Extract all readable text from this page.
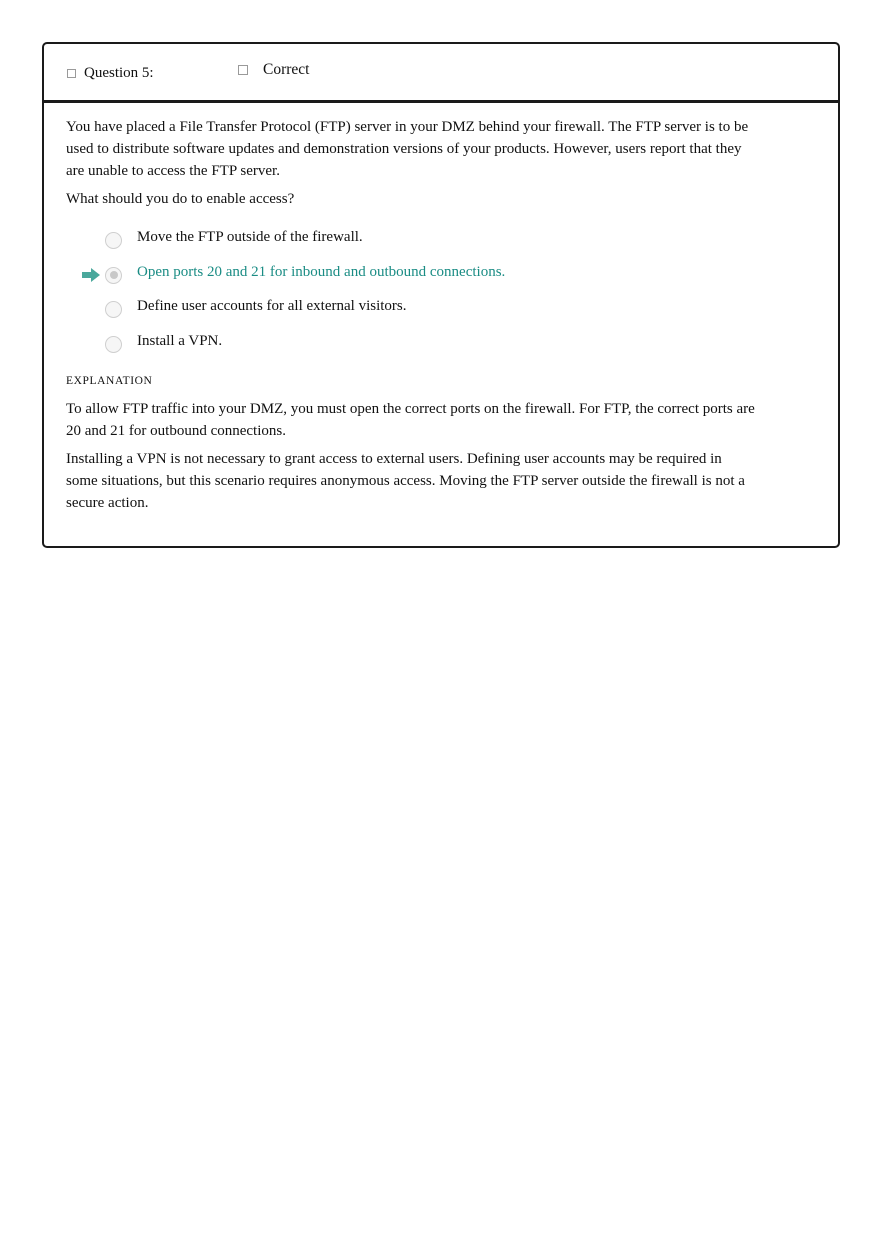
Question 5:	Correct

You have placed a File Transfer Protocol (FTP) server in your DMZ behind your firewall. The FTP server is to be used to distribute software updates and demonstration versions of your products. However, users report that they are unable to access the FTP server.

What should you do to enable access?

Move the FTP outside of the firewall.
Open ports 20 and 21 for inbound and outbound connections.
Define user accounts for all external visitors.
Install a VPN.
EXPLANATION

To allow FTP traffic into your DMZ, you must open the correct ports on the firewall. For FTP, the correct ports are 20 and 21 for outbound connections.

Installing a VPN is not necessary to grant access to external users. Defining user accounts may be required in some situations, but this scenario requires anonymous access. Moving the FTP server outside the firewall is not a secure action.
